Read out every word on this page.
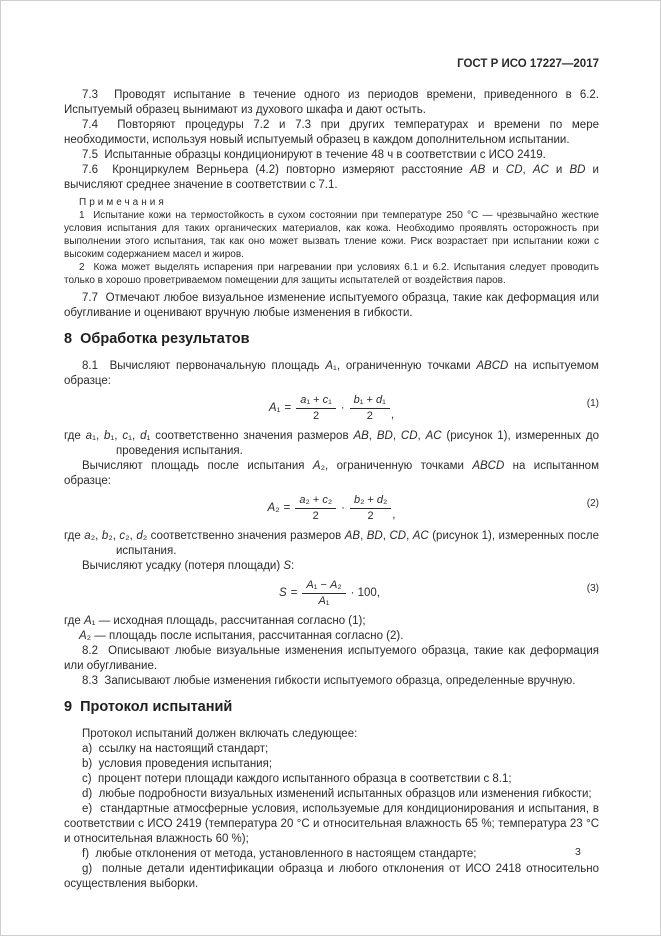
ГОСТ Р ИСО 17227—2017

7.3  Проводят испытание в течение одного из периодов времени, приведенного в 6.2. Испытуемый образец вынимают из духового шкафа и дают остыть.

7.4  Повторяют процедуры 7.2 и 7.3 при других температурах и времени по мере необходимости, используя новый испытуемый образец в каждом дополнительном испытании.

7.5  Испытанные образцы кондиционируют в течение 48 ч в соответствии с ИСО 2419.

7.6  Кронциркулем Верньера (4.2) повторно измеряют расстояние AB и CD, AC и BD и вычисляют среднее значение в соответствии с 7.1.

Примечания

1  Испытание кожи на термостойкость в сухом состоянии при температуре 250 °С — чрезвычайно жесткие условия испытания для таких органических материалов, как кожа. Необходимо проявлять осторожность при выполнении этого испытания, так как оно может вызвать тление кожи. Риск возрастает при испытании кожи с высоким содержанием масел и жиров.

2  Кожа может выделять испарения при нагревании при условиях 6.1 и 6.2. Испытания следует проводить только в хорошо проветриваемом помещении для защиты испытателей от воздействия паров.

7.7  Отмечают любое визуальное изменение испытуемого образца, такие как деформация или обугливание и оценивают вручную любые изменения в гибкости.

8  Обработка результатов

8.1  Вычисляют первоначальную площадь A₁, ограниченную точками ABCD на испытуемом образце:

$A_1 = \frac{\text{a₁ + c₁}}{2} \cdot \frac{\text{b₁ + d₁}}{2}$ ,
(1)

где a₁, b₁, c₁, d₁ соответственно значения размеров AB, BD, CD, AC (рисунок 1), измеренных до проведения испытания.

Вычисляют площадь после испытания A₂, ограниченную точками ABCD на испытанном образце:

$A_2 = \frac{\text{a₂ + c₂}}{2} \cdot \frac{\text{b₂ + d₂}}{2}$ ,
(2)

где a₂, b₂, c₂, d₂ соответственно значения размеров AB, BD, CD, AC (рисунок 1), измеренных после испытания.

Вычисляют усадку (потеря площади) S:

$S = \frac{\text{A₁ − A₂}}{\text{A₁}} \cdot 100$,	(3)

где A₁ — исходная площадь, рассчитанная согласно (1);

A₂ — площадь после испытания, рассчитанная согласно (2).

8.2  Описывают любые визуальные изменения испытуемого образца, такие как деформация или обугливание.

8.3  Записывают любые изменения гибкости испытуемого образца, определенные вручную.

9  Протокол испытаний

Протокол испытаний должен включать следующее:

a)  ссылку на настоящий стандарт;

b)  условия проведения испытания;

c)  процент потери площади каждого испытанного образца в соответствии с 8.1;

d)  любые подробности визуальных изменений испытанных образцов или изменения гибкости;

e)  стандартные атмосферные условия, используемые для кондиционирования и испытания, в соответствии с ИСО 2419 (температура 20 °С и относительная влажность 65 %; температура 23 °С и относительная влажность 60 %);

f)  любые отклонения от метода, установленного в настоящем стандарте;

g)  полные детали идентификации образца и любого отклонения от ИСО 2418 относительно осуществления выборки.

3
